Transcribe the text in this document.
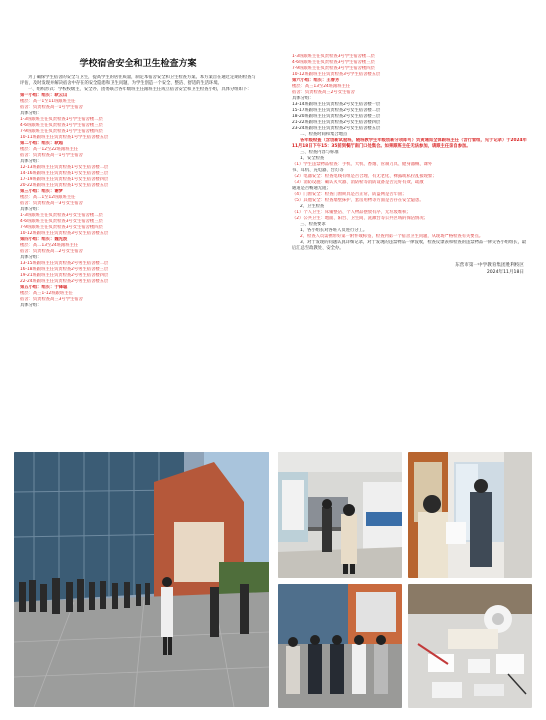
学校宿舍安全和卫生检查方案

为了确保学生宿舍的安全与卫生，提高学生的居住质量，制定本宿舍安全和卫生检查方案。本方案旨在通过定期的检查与评估，及时发现并解决宿舍中存在的安全隐患和卫生问题，为学生创造一个安全、整洁、舒适的生活环境。

一、组织形式：学校校级主、安全办、团委联合各年级班主任跟班主任成立宿舍安全和卫生检查小组，具体分组如下：

第一小组：组长：耿云山

楼层：高一1至11班跟班主任

宿舍：负责检查高一1号学生宿舍

具体分组：

1-3班跟班主任负责检查1号学生宿舍楼二层

4-6班跟班主任负责检查1号学生宿舍楼三层

7-9班跟班主任负责检查1号学生宿舍楼四层

10-11班跟班主任负责检查1号学生宿舍楼五层

第二小组：组长：耿超

楼层：高一12至22班跟班主任

宿舍：负责检查高一1号学生宿舍

具体分组：

12-13班跟班主任负责检查1号女生宿舍楼二层

14-16班跟班主任负责检查1号女生宿舍楼三层

17-19班跟班主任负责检查1号女生宿舍楼四层

20-22班跟班主任负责检查1号女生宿舍楼五层

第三小组：组长：谢梦

楼层：高二1至12班跟班主任

宿舍：负责检查高一3号女生宿舍

具体分组：

1-3班跟班主任负责检查3号女生宿舍楼二层

4-6班跟班主任负责检查3号女生宿舍楼三层

7-9班跟班主任负责检查3号女生宿舍楼四层

10-12班跟班主任负责检查3号女生宿舍楼五层

第四小组：组长：魏先波

楼层：高二13至24班跟班主任

宿舍：负责检查高二2号女生宿舍

具体分组：

13-15班跟班主任负责检查2号男生宿舍楼二层

16-18班跟班主任负责检查2号男生宿舍楼三层

19-21班跟班主任负责检查2号男生宿舍楼四层

22-24班跟班主任负责检查2号男生宿舍楼五层

第五小组：组长：于锋聪

楼层：高三1-12班跟班主任

宿舍：负责检查高三3号学生宿舍

具体分组：

1-3班跟班主任负责检查3号学生宿舍楼二层

4-6班跟班主任负责检查3号学生宿舍楼三层

7-9班跟班主任负责检查3号学生宿舍楼四层

10-12班跟班主任负责检查3号学生宿舍楼五层

第六小组：组长：王春芳

楼层：高三13至24班跟班主任

宿舍：负责检查高三2号女生宿舍

具体分组：

13-14班跟班主任负责检查2号女生宿舍楼一层

15-17班跟班主任负责检查2号女生宿舍楼二层

18-20班跟班主任负责检查2号女生宿舍楼三层

21-22班跟班主任负责检查2号女生宿舍楼四层

23-24班跟班主任负责检查2号女生宿舍楼五层

二、检查时间和集合地点

各年级检查（含创新试验班，随班教学生年级创新分项即可）负责通知全体跟班主任（含行管组，见于记录）于2024年11月18日下午15：35前到餐厅南门口处集合。如果跟班主任无法参加，请跟主任亲自参加。

三、检查内容与标准

1、安全检查

（1）学生违禁物品检查：手机、大机、香烟、管制刀具、健身器械、课外

书、耳机、充电器、台灯等

（2）电器安全：检查电线有组是否合理、有无老化、裸露或私拉乱接现象；

（3）消防设施：确认灭火器、消防栓等消防设备是否完好有效，疏散

通道是否畅通无阻；

（4）门窗安全：检查门窗锁具是否正常，防盗网是否牢固；

（5）其他安全：检查墙壁抹护、套房用物等方面是否存在安全隐患。

2、卫生检查

（1）个人卫生：床铺整洁、个人物品摆放有序、无垃圾堆积；

（2）公共卫生：地面、阳台、卫生间、洗漱台等公共区域的保洁情况；

三、检查要求

1、各小组长对各班人员进行分工。

2、检查人员需携带好第一附件或标签，检查到第一个宿舍卫生问题，从现场严格检查有关要点。

3、对于发现的问题认真详细记录，对于发现的违禁物品一律没收，检查反馈表和检查的违禁物品一律交各小组组长，最后汇总至政教处、安全办。

东营市第一中学教育集团胜利校区
2024年11月18日
